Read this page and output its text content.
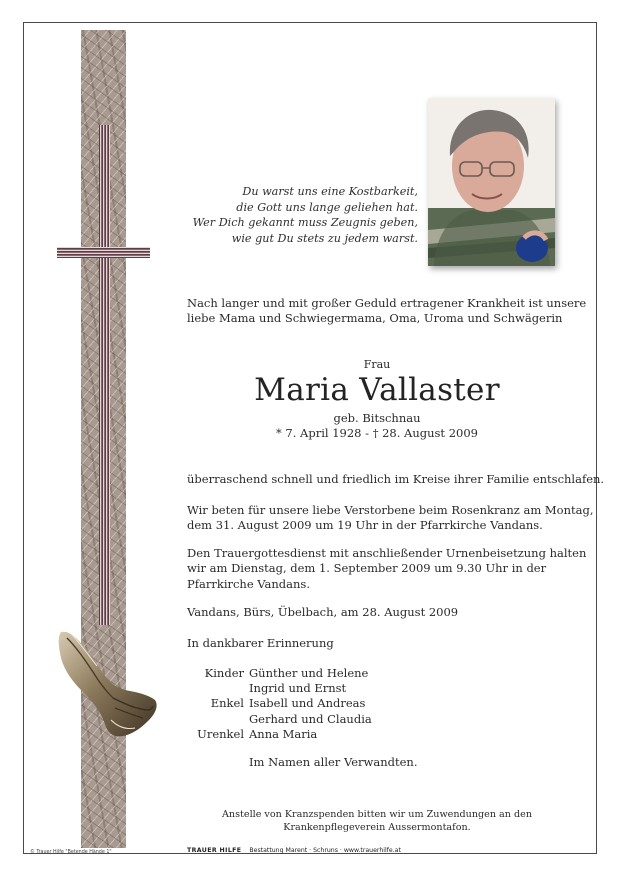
Du warst uns eine Kostbarkeit,
die Gott uns lange geliehen hat.
Wer Dich gekannt muss Zeugnis geben,
wie gut Du stets zu jedem warst.
Nach langer und mit großer Geduld ertragener Krankheit ist unsere
liebe Mama und Schwiegermama, Oma, Uroma und Schwägerin
Frau
Maria Vallaster
geb. Bitschnau
* 7. April 1928 - † 28. August 2009
überraschend schnell und friedlich im Kreise ihrer Familie entschlafen.
Wir beten für unsere liebe Verstorbene beim Rosenkranz am Montag,
dem 31. August 2009 um 19 Uhr in der Pfarrkirche Vandans.
Den Trauergottesdienst mit anschließender Urnenbeisetzung halten
wir am Dienstag, dem 1. September 2009 um 9.30 Uhr in der
Pfarrkirche Vandans.
Vandans, Bürs, Übelbach, am 28. August 2009
In dankbarer Erinnerung
Kinder Günther und Helene
Ingrid und Ernst
Enkel Isabell und Andreas
Gerhard und Claudia
Urenkel Anna Maria
Im Namen aller Verwandten.
Anstelle von Kranzspenden bitten wir um Zuwendungen an den
Krankenpflegeverein Aussermontafon.
© Trauer Hilfe "Betende Hände 1"	TRAUER HILFE Bestattung Marent · Schruns · www.trauerhilfe.at
